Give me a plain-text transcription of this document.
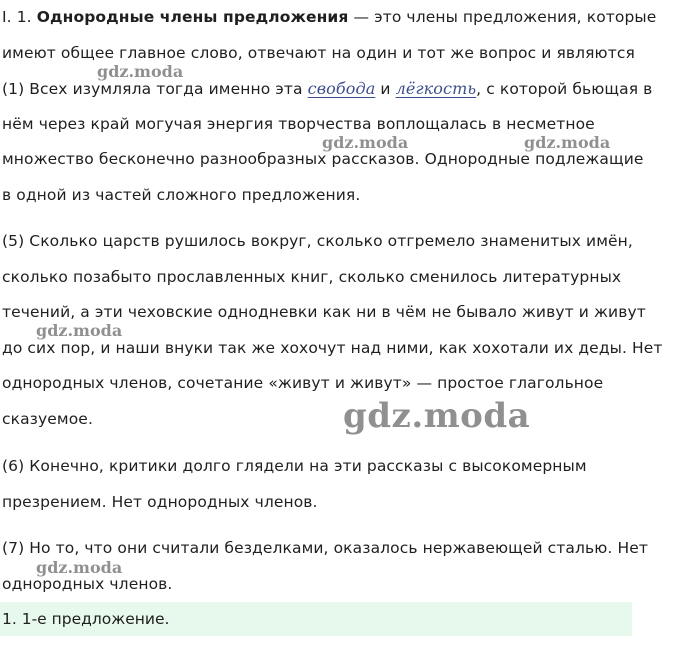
I. 1. Однородные члены предложения — это члены предложения, которые
имеют общее главное слово, отвечают на один и тот же вопрос и являются
(1) Всех изумляла тогда именно эта свобода и лёгкость, с которой бьющая в
нём через край могучая энергия творчества воплощалась в несметное
множество бесконечно разнообразных рассказов. Однородные подлежащие
в одной из частей сложного предложения.
(5) Сколько царств рушилось вокруг, сколько отгремело знаменитых имён,
сколько позабыто прославленных книг, сколько сменилось литературных
течений, а эти чеховские однодневки как ни в чём не бывало живут и живут
до сих пор, и наши внуки так же хохочут над ними, как хохотали их деды. Нет
однородных членов, сочетание «живут и живут» — простое глагольное
сказуемое.
(6) Конечно, критики долго глядели на эти рассказы с высокомерным
презрением. Нет однородных членов.
(7) Но то, что они считали безделками, оказалось нержавеющей сталью. Нет
однородных членов.
1. 1-е предложение.
gdz.moda
gdz.moda	gdz.moda
gdz.moda
gdz.moda
gdz.moda
